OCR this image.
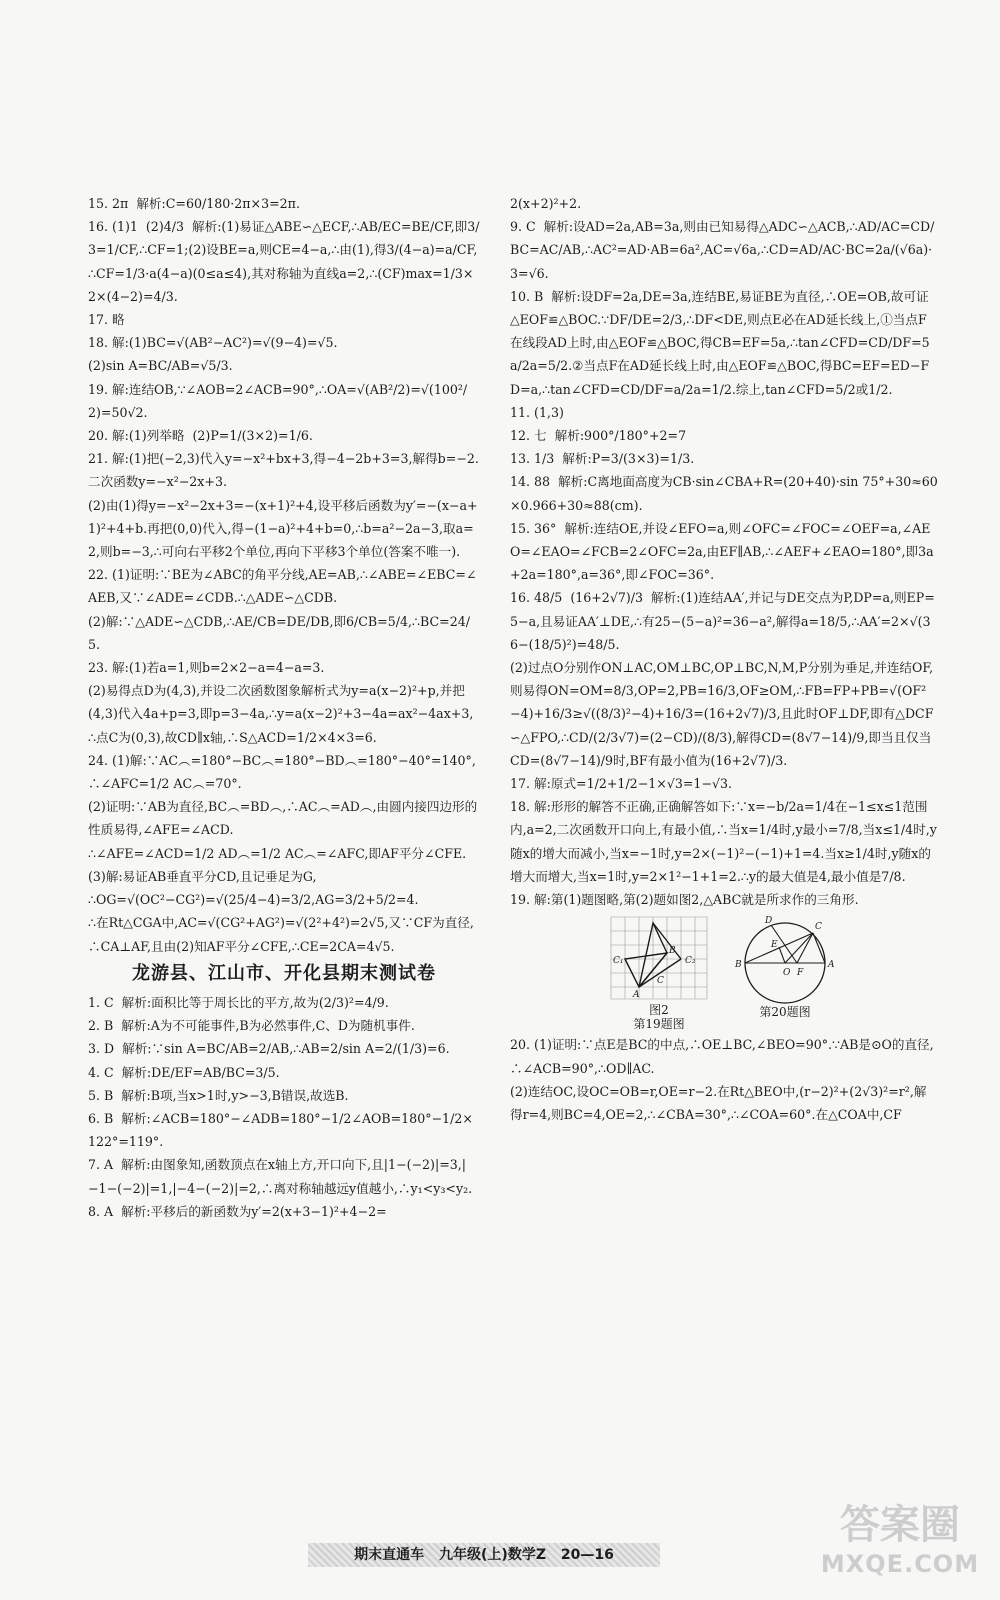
15. 2π  解析:C=60/180·2π×3=2π.

16. (1)1  (2)4/3  解析:(1)易证△ABE∽△ECF,∴AB/EC=BE/CF,即3/3=1/CF,∴CF=1;(2)设BE=a,则CE=4−a,∴由(1),得3/(4−a)=a/CF,∴CF=1/3·a(4−a)(0≤a≤4),其对称轴为直线a=2,∴(CF)max=1/3×2×(4−2)=4/3.

17. 略

18. 解:(1)BC=√(AB²−AC²)=√(9−4)=√5.
(2)sin A=BC/AB=√5/3.

19. 解:连结OB,∵∠AOB=2∠ACB=90°,∴OA=√(AB²/2)=√(100²/2)=50√2.

20. 解:(1)列举略  (2)P=1/(3×2)=1/6.

21. 解:(1)把(−2,3)代入y=−x²+bx+3,得−4−2b+3=3,解得b=−2.二次函数y=−x²−2x+3.
(2)由(1)得y=−x²−2x+3=−(x+1)²+4,设平移后函数为y′=−(x−a+1)²+4+b.再把(0,0)代入,得−(1−a)²+4+b=0,∴b=a²−2a−3,取a=2,则b=−3,∴可向右平移2个单位,再向下平移3个单位(答案不唯一).

22. (1)证明:∵BE为∠ABC的角平分线,AE=AB,∴∠ABE=∠EBC=∠AEB,又∵∠ADE=∠CDB.∴△ADE∽△CDB.
(2)解:∵△ADE∽△CDB,∴AE/CB=DE/DB,即6/CB=5/4,∴BC=24/5.

23. 解:(1)若a=1,则b=2×2−a=4−a=3.
(2)易得点D为(4,3),并设二次函数图象解析式为y=a(x−2)²+p,并把(4,3)代入4a+p=3,即p=3−4a,∴y=a(x−2)²+3−4a=ax²−4ax+3,
∴点C为(0,3),故CD∥x轴,∴S△ACD=1/2×4×3=6.

24. (1)解:∵AC︵=180°−BC︵=180°−BD︵=180°−40°=140°,∴∠AFC=1/2 AC︵=70°.
(2)证明:∵AB为直径,BC︵=BD︵,∴AC︵=AD︵,由圆内接四边形的性质易得,∠AFE=∠ACD.
∴∠AFE=∠ACD=1/2 AD︵=1/2 AC︵=∠AFC,即AF平分∠CFE.
(3)解:易证AB垂直平分CD,且记垂足为G,
∴OG=√(OC²−CG²)=√(25/4−4)=3/2,AG=3/2+5/2=4.
∴在Rt△CGA中,AC=√(CG²+AG²)=√(2²+4²)=2√5,又∵CF为直径,∴CA⊥AF,且由(2)知AF平分∠CFE,∴CE=2CA=4√5.

龙游县、江山市、开化县期末测试卷

1. C  解析:面积比等于周长比的平方,故为(2/3)²=4/9.

2. B  解析:A为不可能事件,B为必然事件,C、D为随机事件.

3. D  解析:∵sin A=BC/AB=2/AB,∴AB=2/sin A=2/(1/3)=6.

4. C  解析:DE/EF=AB/BC=3/5.

5. B  解析:B项,当x>1时,y>−3,B错误,故选B.

6. B  解析:∠ACB=180°−∠ADB=180°−1/2∠AOB=180°−1/2×122°=119°.

7. A  解析:由图象知,函数顶点在x轴上方,开口向下,且|1−(−2)|=3,|−1−(−2)|=1,|−4−(−2)|=2,∴离对称轴越远y值越小,∴y₁<y₃<y₂.

8. A  解析:平移后的新函数为y′=2(x+3−1)²+4−2=

2(x+2)²+2.

9. C  解析:设AD=2a,AB=3a,则由已知易得△ADC∽△ACB,∴AD/AC=CD/BC=AC/AB,∴AC²=AD·AB=6a²,AC=√6a,∴CD=AD/AC·BC=2a/(√6a)·3=√6.

10. B  解析:设DF=2a,DE=3a,连结BE,易证BE为直径,∴OE=OB,故可证△EOF≌△BOC.∵DF/DE=2/3,∴DF<DE,则点E必在AD延长线上,①当点F在线段AD上时,由△EOF≌△BOC,得CB=EF=5a,∴tan∠CFD=CD/DF=5a/2a=5/2.②当点F在AD延长线上时,由△EOF≌△BOC,得BC=EF=ED−FD=a,∴tan∠CFD=CD/DF=a/2a=1/2.综上,tan∠CFD=5/2或1/2.

11. (1,3)

12. 七  解析:900°/180°+2=7

13. 1/3  解析:P=3/(3×3)=1/3.

14. 88  解析:C离地面高度为CB·sin∠CBA+R=(20+40)·sin 75°+30≈60×0.966+30≈88(cm).

15. 36°  解析:连结OE,并设∠EFO=a,则∠OFC=∠FOC=∠OEF=a,∠AEO=∠EAO=∠FCB=2∠OFC=2a,由EF∥AB,∴∠AEF+∠EAO=180°,即3a+2a=180°,a=36°,即∠FOC=36°.

16. 48/5  (16+2√7)/3  解析:(1)连结AA′,并记与DE交点为P,DP=a,则EP=5−a,且易证AA′⊥DE,∴有25−(5−a)²=36−a²,解得a=18/5,∴AA′=2×√(36−(18/5)²)=48/5.
(2)过点O分别作ON⊥AC,OM⊥BC,OP⊥BC,N,M,P分别为垂足,并连结OF,则易得ON=OM=8/3,OP=2,PB=16/3,OF≥OM,∴FB=FP+PB=√(OF²−4)+16/3≥√((8/3)²−4)+16/3=(16+2√7)/3,且此时OF⊥DF,即有△DCF∽△FPO,∴CD/(2/3√7)=(2−CD)/(8/3),解得CD=(8√7−14)/9,即当且仅当CD=(8√7−14)/9时,BF有最小值为(16+2√7)/3.

17. 解:原式=1/2+1/2−1×√3=1−√3.

18. 解:形形的解答不正确,正确解答如下:∵x=−b/2a=1/4在−1≤x≤1范围内,a=2,二次函数开口向上,有最小值,∴当x=1/4时,y最小=7/8,当x≤1/4时,y随x的增大而减小,当x=−1时,y=2×(−1)²−(−1)+1=4.当x≥1/4时,y随x的增大而增大,当x=1时,y=2×1²−1+1=2.∴y的最大值是4,最小值是7/8.

19. 解:第(1)题图略,第(2)题如图2,△ABC就是所求作的三角形.

A
B
C₁	C₂
C
图2
第19题图
D
E
C
B
O F
A
第20题图

20. (1)证明:∵点E是BC的中点,∴OE⊥BC,∠BEO=90°.∵AB是⊙O的直径,∴∠ACB=90°,∴OD∥AC.
(2)连结OC,设OC=OB=r,OE=r−2.在Rt△BEO中,(r−2)²+(2√3)²=r²,解得r=4,则BC=4,OE=2,∴∠CBA=30°,∴∠COA=60°.在△COA中,CF

期末直通车 九年级(上)数学Z 20—16
答案圈
MXQE.COM
